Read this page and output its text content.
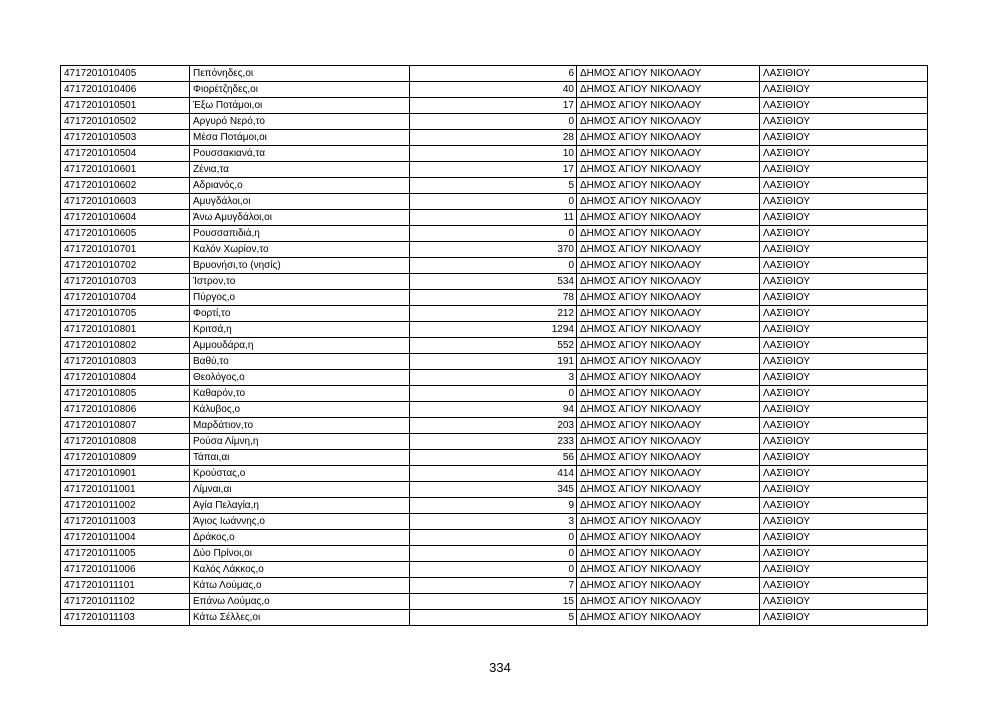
4717201010405	Πεπόνηδες,οι	6	ΔΗΜΟΣ ΑΓΙΟΥ ΝΙΚΟΛΑΟΥ	ΛΑΣΙΘΙΟΥ
4717201010406	Φιορέτζηδες,οι	40	ΔΗΜΟΣ ΑΓΙΟΥ ΝΙΚΟΛΑΟΥ	ΛΑΣΙΘΙΟΥ
4717201010501	Έξω Ποτάμοι,οι	17	ΔΗΜΟΣ ΑΓΙΟΥ ΝΙΚΟΛΑΟΥ	ΛΑΣΙΘΙΟΥ
4717201010502	Αργυρό Νερό,το	0	ΔΗΜΟΣ ΑΓΙΟΥ ΝΙΚΟΛΑΟΥ	ΛΑΣΙΘΙΟΥ
4717201010503	Μέσα Ποτάμοι,οι	28	ΔΗΜΟΣ ΑΓΙΟΥ ΝΙΚΟΛΑΟΥ	ΛΑΣΙΘΙΟΥ
4717201010504	Ρουσσακιανά,τα	10	ΔΗΜΟΣ ΑΓΙΟΥ ΝΙΚΟΛΑΟΥ	ΛΑΣΙΘΙΟΥ
4717201010601	Ζένια,τα	17	ΔΗΜΟΣ ΑΓΙΟΥ ΝΙΚΟΛΑΟΥ	ΛΑΣΙΘΙΟΥ
4717201010602	Αδριανός,ο	5	ΔΗΜΟΣ ΑΓΙΟΥ ΝΙΚΟΛΑΟΥ	ΛΑΣΙΘΙΟΥ
4717201010603	Αμυγδάλοι,οι	0	ΔΗΜΟΣ ΑΓΙΟΥ ΝΙΚΟΛΑΟΥ	ΛΑΣΙΘΙΟΥ
4717201010604	Άνω Αμυγδάλοι,οι	11	ΔΗΜΟΣ ΑΓΙΟΥ ΝΙΚΟΛΑΟΥ	ΛΑΣΙΘΙΟΥ
4717201010605	Ρουσσαπιδιά,η	0	ΔΗΜΟΣ ΑΓΙΟΥ ΝΙΚΟΛΑΟΥ	ΛΑΣΙΘΙΟΥ
4717201010701	Καλόν Χωρίον,το	370	ΔΗΜΟΣ ΑΓΙΟΥ ΝΙΚΟΛΑΟΥ	ΛΑΣΙΘΙΟΥ
4717201010702	Βρυονήσι,το (νησίς)	0	ΔΗΜΟΣ ΑΓΙΟΥ ΝΙΚΟΛΑΟΥ	ΛΑΣΙΘΙΟΥ
4717201010703	Ίστρον,το	534	ΔΗΜΟΣ ΑΓΙΟΥ ΝΙΚΟΛΑΟΥ	ΛΑΣΙΘΙΟΥ
4717201010704	Πύργος,ο	78	ΔΗΜΟΣ ΑΓΙΟΥ ΝΙΚΟΛΑΟΥ	ΛΑΣΙΘΙΟΥ
4717201010705	Φορτί,το	212	ΔΗΜΟΣ ΑΓΙΟΥ ΝΙΚΟΛΑΟΥ	ΛΑΣΙΘΙΟΥ
4717201010801	Κριτσά,η	1294	ΔΗΜΟΣ ΑΓΙΟΥ ΝΙΚΟΛΑΟΥ	ΛΑΣΙΘΙΟΥ
4717201010802	Αμμουδάρα,η	552	ΔΗΜΟΣ ΑΓΙΟΥ ΝΙΚΟΛΑΟΥ	ΛΑΣΙΘΙΟΥ
4717201010803	Βαθύ,το	191	ΔΗΜΟΣ ΑΓΙΟΥ ΝΙΚΟΛΑΟΥ	ΛΑΣΙΘΙΟΥ
4717201010804	Θεολόγος,ο	3	ΔΗΜΟΣ ΑΓΙΟΥ ΝΙΚΟΛΑΟΥ	ΛΑΣΙΘΙΟΥ
4717201010805	Καθαρόν,το	0	ΔΗΜΟΣ ΑΓΙΟΥ ΝΙΚΟΛΑΟΥ	ΛΑΣΙΘΙΟΥ
4717201010806	Κάλυβος,ο	94	ΔΗΜΟΣ ΑΓΙΟΥ ΝΙΚΟΛΑΟΥ	ΛΑΣΙΘΙΟΥ
4717201010807	Μαρδάτιον,το	203	ΔΗΜΟΣ ΑΓΙΟΥ ΝΙΚΟΛΑΟΥ	ΛΑΣΙΘΙΟΥ
4717201010808	Ρούσα Λίμνη,η	233	ΔΗΜΟΣ ΑΓΙΟΥ ΝΙΚΟΛΑΟΥ	ΛΑΣΙΘΙΟΥ
4717201010809	Τάπαι,αι	56	ΔΗΜΟΣ ΑΓΙΟΥ ΝΙΚΟΛΑΟΥ	ΛΑΣΙΘΙΟΥ
4717201010901	Κρούστας,ο	414	ΔΗΜΟΣ ΑΓΙΟΥ ΝΙΚΟΛΑΟΥ	ΛΑΣΙΘΙΟΥ
4717201011001	Λίμναι,αι	345	ΔΗΜΟΣ ΑΓΙΟΥ ΝΙΚΟΛΑΟΥ	ΛΑΣΙΘΙΟΥ
4717201011002	Αγία Πελαγία,η	9	ΔΗΜΟΣ ΑΓΙΟΥ ΝΙΚΟΛΑΟΥ	ΛΑΣΙΘΙΟΥ
4717201011003	Άγιος Ιωάννης,ο	3	ΔΗΜΟΣ ΑΓΙΟΥ ΝΙΚΟΛΑΟΥ	ΛΑΣΙΘΙΟΥ
4717201011004	Δράκος,ο	0	ΔΗΜΟΣ ΑΓΙΟΥ ΝΙΚΟΛΑΟΥ	ΛΑΣΙΘΙΟΥ
4717201011005	Δύο Πρίνοι,οι	0	ΔΗΜΟΣ ΑΓΙΟΥ ΝΙΚΟΛΑΟΥ	ΛΑΣΙΘΙΟΥ
4717201011006	Καλός Λάκκος,ο	0	ΔΗΜΟΣ ΑΓΙΟΥ ΝΙΚΟΛΑΟΥ	ΛΑΣΙΘΙΟΥ
4717201011101	Κάτω Λούμας,ο	7	ΔΗΜΟΣ ΑΓΙΟΥ ΝΙΚΟΛΑΟΥ	ΛΑΣΙΘΙΟΥ
4717201011102	Επάνω Λούμας,ο	15	ΔΗΜΟΣ ΑΓΙΟΥ ΝΙΚΟΛΑΟΥ	ΛΑΣΙΘΙΟΥ
4717201011103	Κάτω Σέλλες,οι	5	ΔΗΜΟΣ ΑΓΙΟΥ ΝΙΚΟΛΑΟΥ	ΛΑΣΙΘΙΟΥ
334
